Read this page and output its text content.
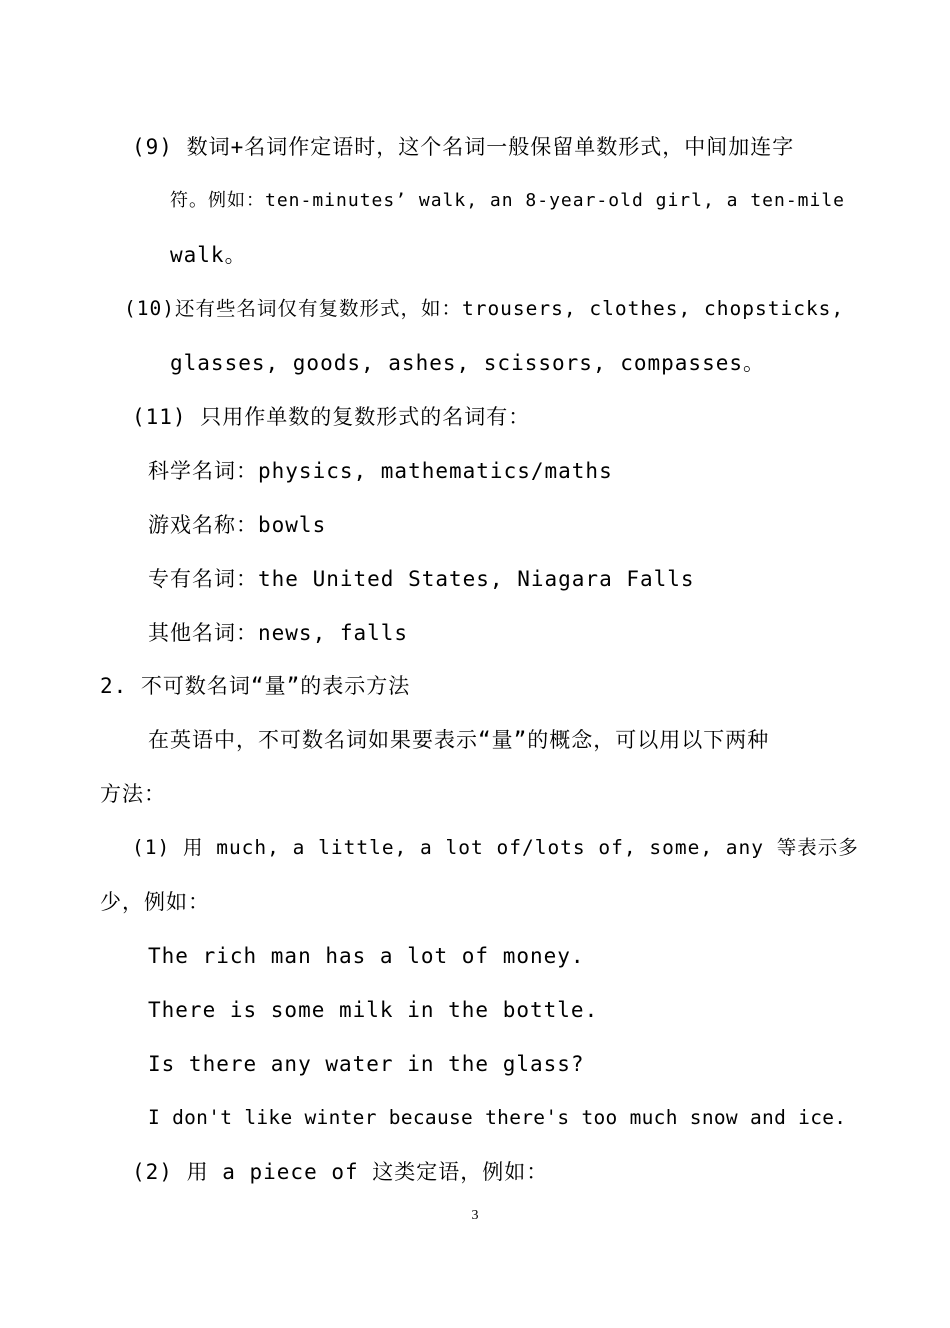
(9) 数词+名词作定语时，这个名词一般保留单数形式，中间加连字
符。例如：ten-minutes’ walk, an 8-year-old girl, a ten-mile
walk。
(10)还有些名词仅有复数形式，如：trousers, clothes, chopsticks,
glasses, goods, ashes, scissors, compasses。
(11) 只用作单数的复数形式的名词有：
科学名词：physics, mathematics/maths
游戏名称：bowls
专有名词：the United States, Niagara Falls
其他名词：news, falls
2. 不可数名词“量”的表示方法
在英语中，不可数名词如果要表示“量”的概念，可以用以下两种
方法：
(1) 用 much, a little, a lot of/lots of, some, any 等表示多
少，例如：
The rich man has a lot of money.
There is some milk in the bottle.
Is there any water in the glass?
I don't like winter because there's too much snow and ice.
(2) 用 a piece of 这类定语，例如：
3
